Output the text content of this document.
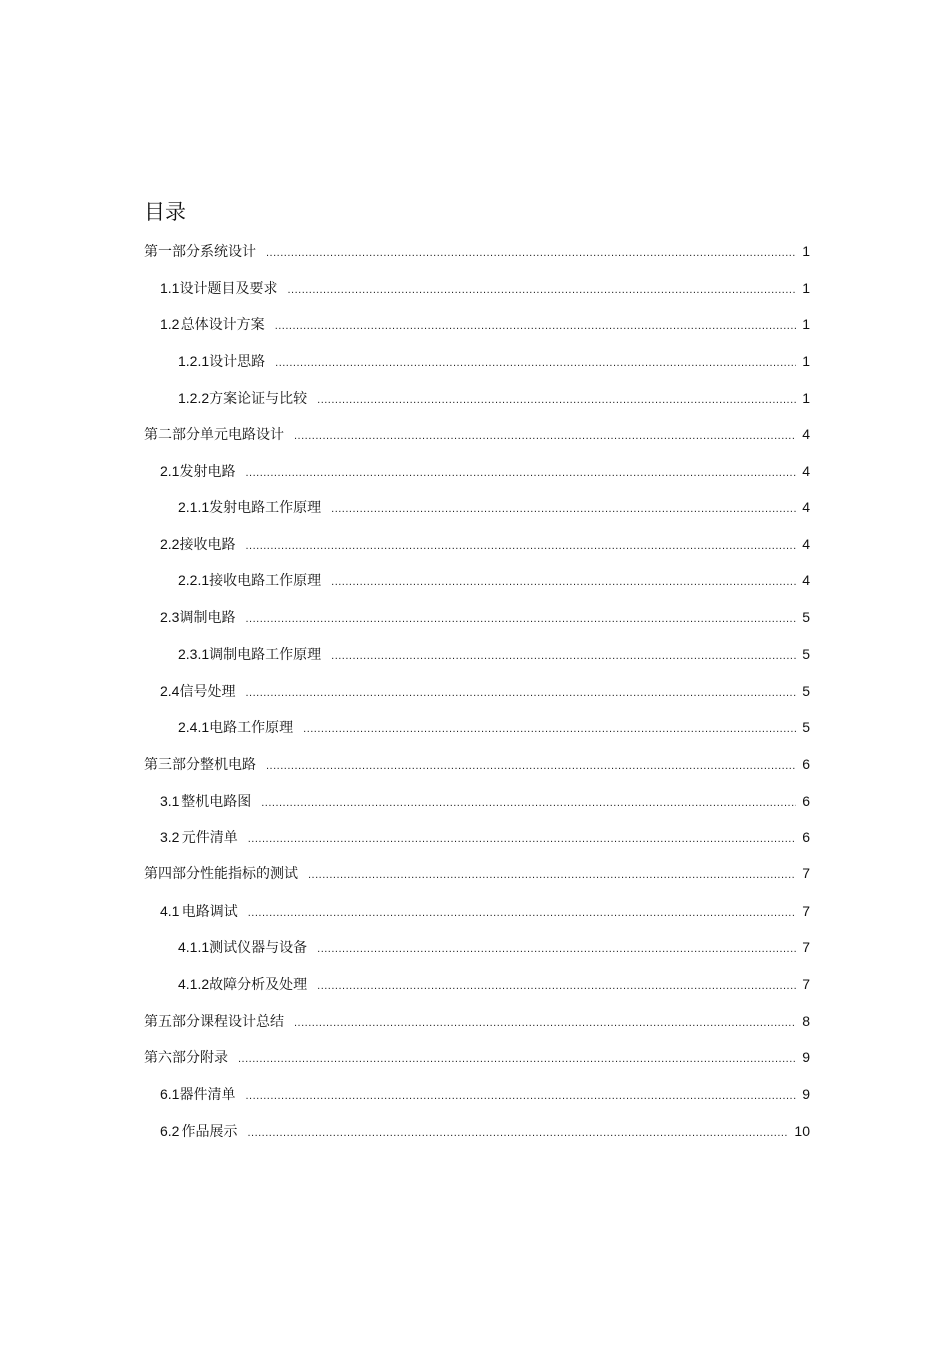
目录
第一部分 系统设计 .....	1
1.1 设计题目及要求 .....	1
1.2 总体设计方案 .....	1
1.2.1 设计思路 .....	1
1.2.2 方案论证与比较 .....	1
第二部分 单元电路设计 .....	4
2.1 发射电路 .....	4
2.1.1 发射电路工作原理 .....	4
2.2 接收电路 .....	4
2.2.1 接收电路工作原理 .....	4
2.3 调制电路 .....	5
2.3.1 调制电路工作原理 .....	5
2.4 信号处理 .....	5
2.4.1 电路工作原理 .....	5
第三部分 整机电路 .....	6
3.1 整机电路图 .....	6
3.2 元件清单 .....	6
第四部分 性能指标的测试 .....	7
4.1 电路调试 .....	7
4.1.1 测试仪器与设备 .....	7
4.1.2 故障分析及处理 .....	7
第五部分 课程设计总结 .....	8
第六部分 附录 .....	9
6.1 器件清单 .....	9
6.2 作品展示 .....	10
